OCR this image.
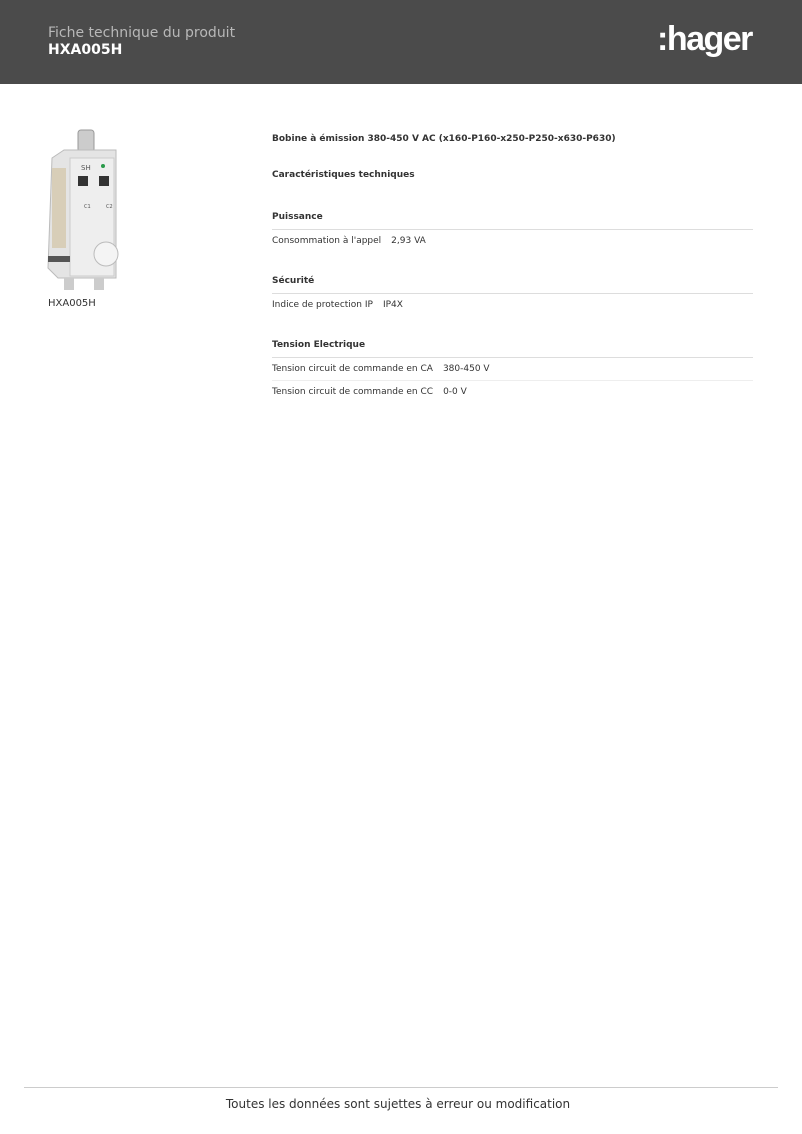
Fiche technique du produit
HXA005H	:hager
SH
C1	C2
HXA005H
Bobine à émission 380-450 V AC (x160-P160-x250-P250-x630-P630)
Caractéristiques techniques
Puissance
Consommation à l'appel 2,93 VA
Sécurité
Indice de protection IP IP4X
Tension Electrique
Tension circuit de commande en CA 380-450 V
Tension circuit de commande en CC 0-0 V
Toutes les données sont sujettes à erreur ou modification
